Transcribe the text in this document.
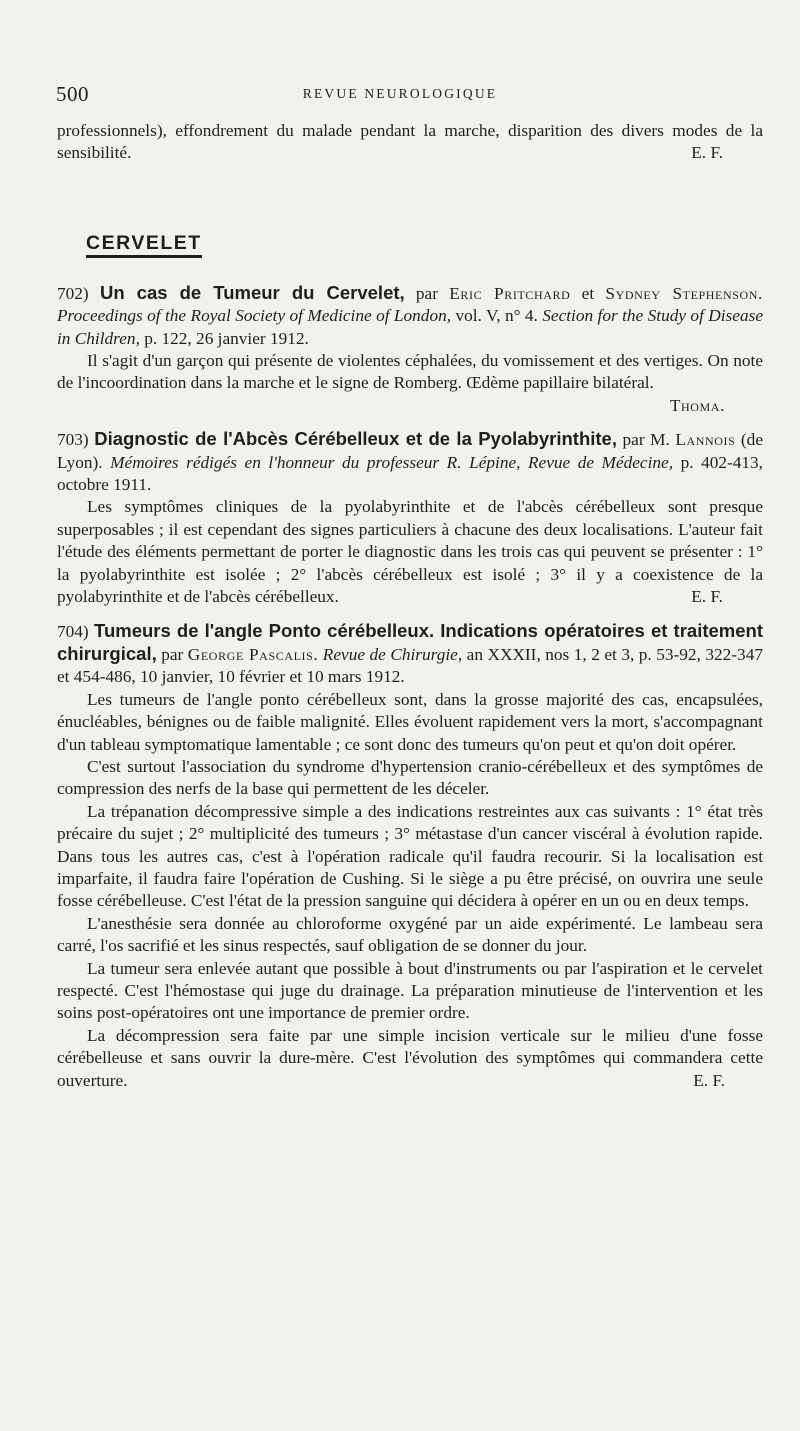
500	REVUE NEUROLOGIQUE

professionnels), effondrement du malade pendant la marche, disparition des divers modes de la sensibilité.	E. F.

CERVELET

702) Un cas de Tumeur du Cervelet, par Eric Pritchard et Sydney Stephenson. Proceedings of the Royal Society of Medicine of London, vol. V, n° 4. Section for the Study of Disease in Children, p. 122, 26 janvier 1912.

Il s'agit d'un garçon qui présente de violentes céphalées, du vomissement et des vertiges. On note de l'incoordination dans la marche et le signe de Romberg. Œdème papillaire bilatéral.
Thoma.

703) Diagnostic de l'Abcès Cérébelleux et de la Pyolabyrinthite, par M. Lannois (de Lyon). Mémoires rédigés en l'honneur du professeur R. Lépine, Revue de Médecine, p. 402-413, octobre 1911.

Les symptômes cliniques de la pyolabyrinthite et de l'abcès cérébelleux sont presque superposables ; il est cependant des signes particuliers à chacune des deux localisations. L'auteur fait l'étude des éléments permettant de porter le diagnostic dans les trois cas qui peuvent se présenter : 1° la pyolabyrinthite est isolée ; 2° l'abcès cérébelleux est isolé ; 3° il y a coexistence de la pyolabyrinthite et de l'abcès cérébelleux.	E. F.

704) Tumeurs de l'angle Ponto cérébelleux. Indications opératoires et traitement chirurgical, par George Pascalis. Revue de Chirurgie, an XXXII, nos 1, 2 et 3, p. 53-92, 322-347 et 454-486, 10 janvier, 10 février et 10 mars 1912.

Les tumeurs de l'angle ponto cérébelleux sont, dans la grosse majorité des cas, encapsulées, énucléables, bénignes ou de faible malignité. Elles évoluent rapidement vers la mort, s'accompagnant d'un tableau symptomatique lamentable ; ce sont donc des tumeurs qu'on peut et qu'on doit opérer.

C'est surtout l'association du syndrome d'hypertension cranio-cérébelleux et des symptômes de compression des nerfs de la base qui permettent de les déceler.

La trépanation décompressive simple a des indications restreintes aux cas suivants : 1° état très précaire du sujet ; 2° multiplicité des tumeurs ; 3° métastase d'un cancer viscéral à évolution rapide. Dans tous les autres cas, c'est à l'opération radicale qu'il faudra recourir. Si la localisation est imparfaite, il faudra faire l'opération de Cushing. Si le siège a pu être précisé, on ouvrira une seule fosse cérébelleuse. C'est l'état de la pression sanguine qui décidera à opérer en un ou en deux temps.

L'anesthésie sera donnée au chloroforme oxygéné par un aide expérimenté. Le lambeau sera carré, l'os sacrifié et les sinus respectés, sauf obligation de se donner du jour.

La tumeur sera enlevée autant que possible à bout d'instruments ou par l'aspiration et le cervelet respecté. C'est l'hémostase qui juge du drainage. La préparation minutieuse de l'intervention et les soins post-opératoires ont une importance de premier ordre.

La décompression sera faite par une simple incision verticale sur le milieu d'une fosse cérébelleuse et sans ouvrir la dure-mère. C'est l'évolution des symptômes qui commandera cette ouverture.	E. F.
